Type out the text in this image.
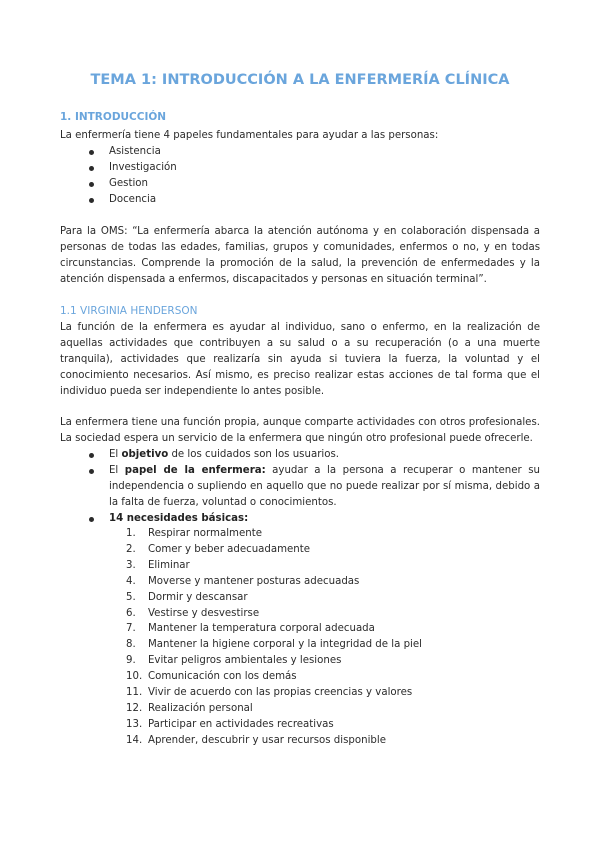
TEMA 1: INTRODUCCIÓN A LA ENFERMERÍA CLÍNICA
1. INTRODUCCIÓN
La enfermería tiene 4 papeles fundamentales para ayudar a las personas:
Asistencia
Investigación
Gestion
Docencia
Para la OMS: “La enfermería abarca la atención autónoma y en colaboración dispensada a personas de todas las edades, familias, grupos y comunidades, enfermos o no, y en todas circunstancias. Comprende la promoción de la salud, la prevención de enfermedades y la atención dispensada a enfermos, discapacitados y personas en situación terminal”.
1.1 VIRGINIA HENDERSON
La función de la enfermera es ayudar al individuo, sano o enfermo, en la realización de aquellas actividades que contribuyen a su salud o a su recuperación (o a una muerte tranquila), actividades que realizaría sin ayuda si tuviera la fuerza, la voluntad y el conocimiento necesarios. Así mismo, es preciso realizar estas acciones de tal forma que el individuo pueda ser independiente lo antes posible.
La enfermera tiene una función propia, aunque comparte actividades con otros profesionales. La sociedad espera un servicio de la enfermera que ningún otro profesional puede ofrecerle.
El objetivo de los cuidados son los usuarios.
El papel de la enfermera: ayudar a la persona a recuperar o mantener su independencia o supliendo en aquello que no puede realizar por sí misma, debido a la falta de fuerza, voluntad o conocimientos.
14 necesidades básicas:
1.	Respirar normalmente
2.	Comer y beber adecuadamente
3.	Eliminar
4.	Moverse y mantener posturas adecuadas
5.	Dormir y descansar
6.	Vestirse y desvestirse
7.	Mantener la temperatura corporal adecuada
8.	Mantener la higiene corporal y la integridad de la piel
9.	Evitar peligros ambientales y lesiones
10. Comunicación con los demás
11. Vivir de acuerdo con las propias creencias y valores
12. Realización personal
13. Participar en actividades recreativas
14. Aprender, descubrir y usar recursos disponible
